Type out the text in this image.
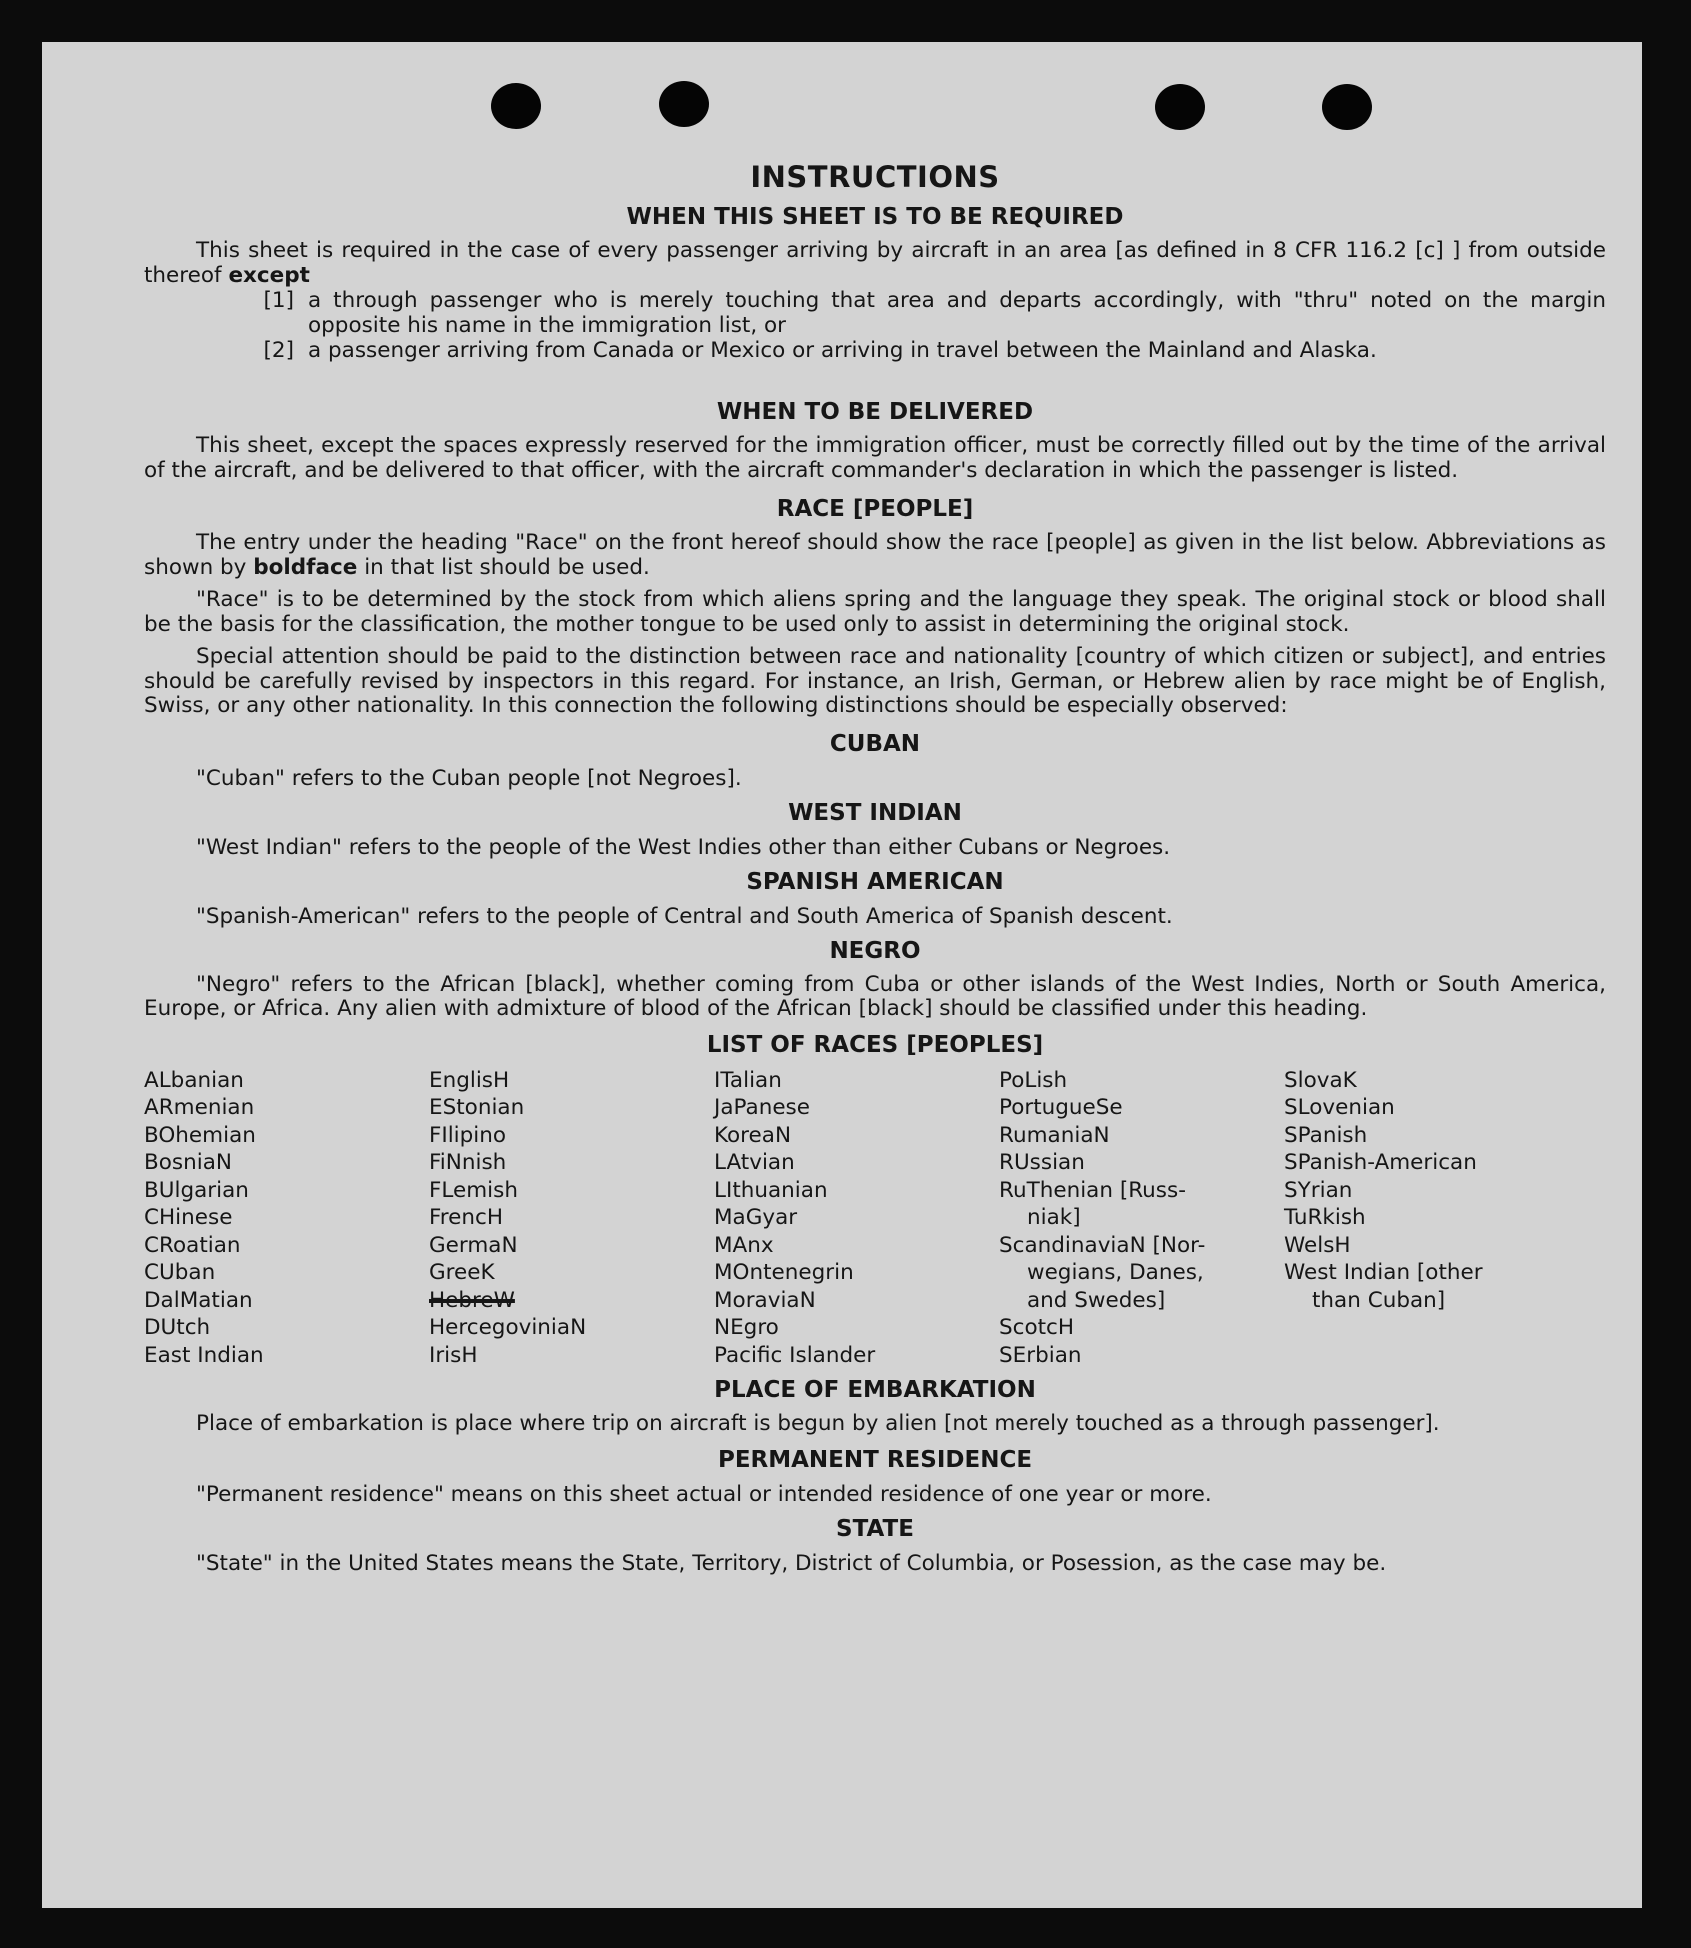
INSTRUCTIONS
WHEN THIS SHEET IS TO BE REQUIRED

This sheet is required in the case of every passenger arriving by aircraft in an area [as defined in 8 CFR 116.2 [c] ] from outside thereof except

[1] a through passenger who is merely touching that area and departs accordingly, with "thru" noted on the margin opposite his name in the immigration list, or
[2] a passenger arriving from Canada or Mexico or arriving in travel between the Mainland and Alaska.
WHEN TO BE DELIVERED

This sheet, except the spaces expressly reserved for the immigration officer, must be correctly filled out by the time of the arrival of the aircraft, and be delivered to that officer, with the aircraft commander's declaration in which the passenger is listed.

RACE [PEOPLE]

The entry under the heading "Race" on the front hereof should show the race [people] as given in the list below. Abbreviations as shown by boldface in that list should be used.

"Race" is to be determined by the stock from which aliens spring and the language they speak. The original stock or blood shall be the basis for the classification, the mother tongue to be used only to assist in determining the original stock.

Special attention should be paid to the distinction between race and nationality [country of which citizen or subject], and entries should be carefully revised by inspectors in this regard. For instance, an Irish, German, or Hebrew alien by race might be of English, Swiss, or any other nationality. In this connection the following distinctions should be especially observed:

CUBAN
"Cuban" refers to the Cuban people [not Negroes].
WEST INDIAN
"West Indian" refers to the people of the West Indies other than either Cubans or Negroes.
SPANISH AMERICAN
"Spanish-American" refers to the people of Central and South America of Spanish descent.
NEGRO

"Negro" refers to the African [black], whether coming from Cuba or other islands of the West Indies, North or South America, Europe, or Africa. Any alien with admixture of blood of the African [black] should be classified under this heading.

LIST OF RACES [PEOPLES]
ALbanian
ARmenian
BOhemian
BosniaN
BUlgarian
CHinese
CRoatian
CUban
DalMatian
DUtch
East Indian
EnglisH
EStonian
FIlipino
FiNnish
FLemish
FrencH
GermaN
GreeK
HebreW
HercegoviniaN
IrisH
ITalian
JaPanese
KoreaN
LAtvian
LIthuanian
MaGyar
MAnx
MOntenegrin
MoraviaN
NEgro
Pacific Islander
PoLish
PortugueSe
RumaniaN
RUssian
RuThenian [Russ-
niak]
ScandinaviaN [Nor-
wegians, Danes,
and Swedes]
ScotcH
SErbian
SlovaK
SLovenian
SPanish
SPanish-American
SYrian
TuRkish
WelsH
West Indian [other
than Cuban]
PLACE OF EMBARKATION

Place of embarkation is place where trip on aircraft is begun by alien [not merely touched as a through passenger].

PERMANENT RESIDENCE
"Permanent residence" means on this sheet actual or intended residence of one year or more.
STATE
"State" in the United States means the State, Territory, District of Columbia, or Posession, as the case may be.
